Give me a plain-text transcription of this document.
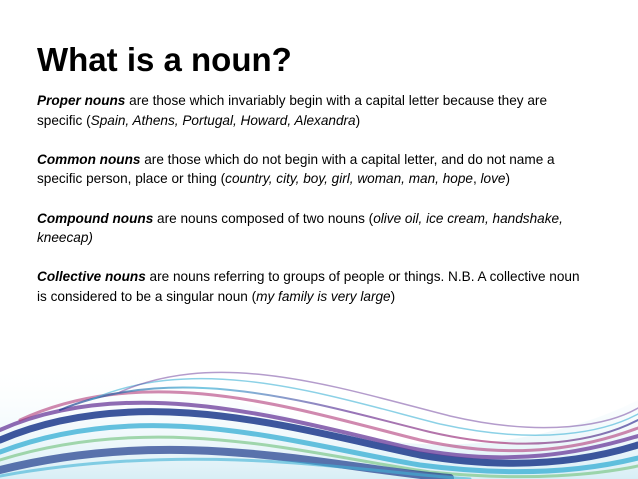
What is a noun?

Proper nouns are those which invariably begin with a capital letter because they are
specific (Spain, Athens, Portugal, Howard, Alexandra)

Common nouns are those which do not begin with a capital letter, and do not name a
specific person, place or thing (country, city, boy, girl, woman, man, hope, love)

Compound nouns are nouns composed of two nouns (olive oil, ice cream, handshake,
kneecap)

Collective nouns are nouns referring to groups of people or things. N.B. A collective noun
is considered to be a singular noun (my family is very large)
